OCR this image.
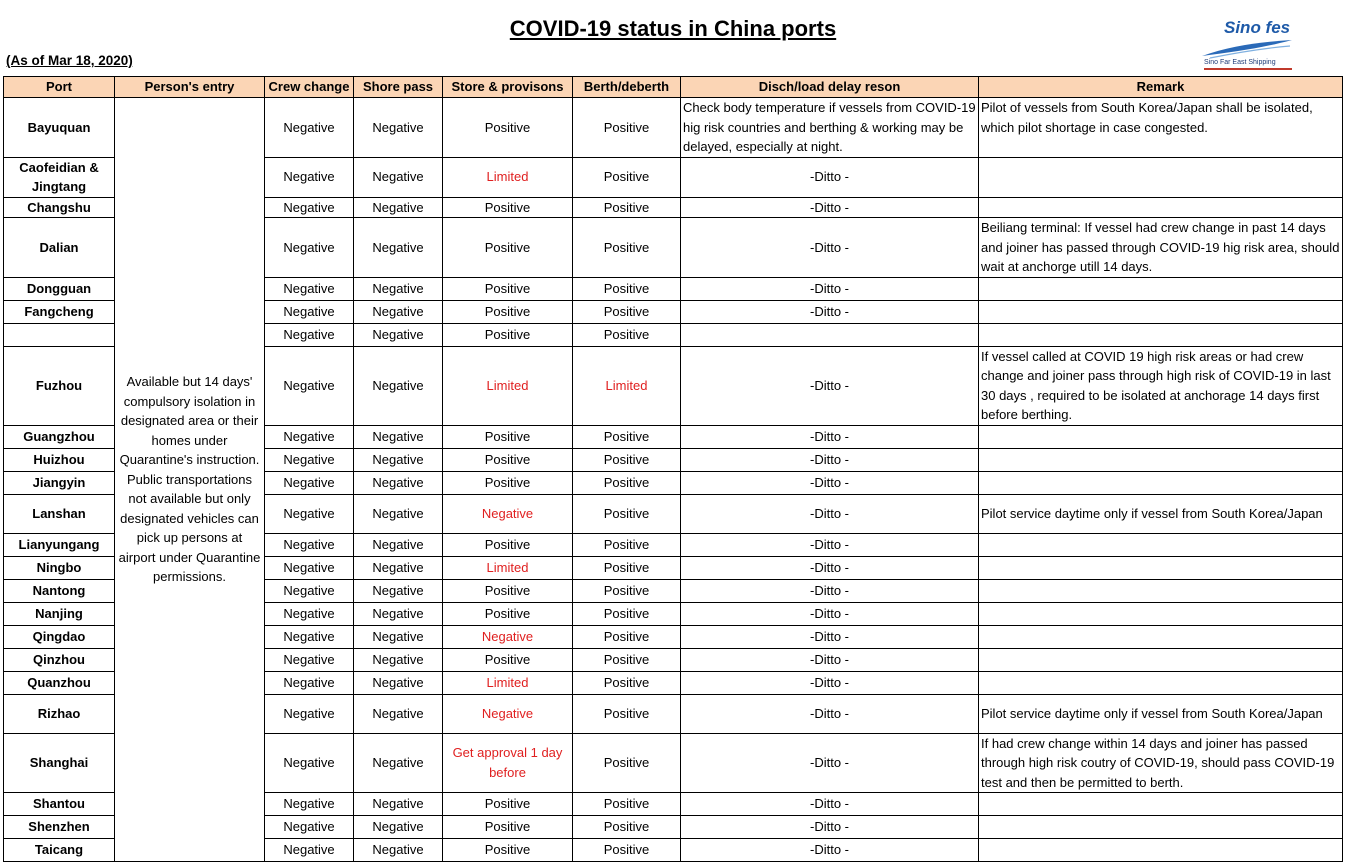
COVID-19 status in China ports
(As of Mar 18, 2020)
Sino fes
Sino Far East Shipping
Port	Person's entry	Crew change	Shore pass	Store & provisons	Berth/deberth	Disch/load delay reson	Remark
Bayuquan	Available but 14 days' compulsory isolation in designated area or their homes under Quarantine's instruction. Public transportations not available but only designated vehicles can pick up persons at airport under Quarantine permissions.	Negative	Negative	Positive	Positive	Check body temperature if vessels from COVID-19 hig risk countries and berthing & working may be delayed, especially at night.	Pilot of vessels from South Korea/Japan shall be isolated, which pilot shortage in case congested.
Caofeidian & Jingtang		Negative	Negative	Limited	Positive	-Ditto -	
Changshu		Negative	Negative	Positive	Positive	-Ditto -	
Dalian		Negative	Negative	Positive	Positive	-Ditto -	Beiliang terminal: If vessel had crew change in past 14 days and joiner has passed through COVID-19 hig risk area, should wait at anchorge utill 14 days.
Dongguan		Negative	Negative	Positive	Positive	-Ditto -	
Fangcheng		Negative	Negative	Positive	Positive	-Ditto -	
		Negative	Negative	Positive	Positive		
Fuzhou		Negative	Negative	Limited	Limited	-Ditto -	If vessel called at COVID 19 high risk areas or had crew change and joiner pass through high risk of COVID-19 in last 30 days , required to be isolated at anchorage 14 days first before berthing.
Guangzhou		Negative	Negative	Positive	Positive	-Ditto -	
Huizhou		Negative	Negative	Positive	Positive	-Ditto -	
Jiangyin		Negative	Negative	Positive	Positive	-Ditto -	
Lanshan		Negative	Negative	Negative	Positive	-Ditto -	Pilot service daytime only if vessel from South Korea/Japan
Lianyungang		Negative	Negative	Positive	Positive	-Ditto -	
Ningbo		Negative	Negative	Limited	Positive	-Ditto -	
Nantong		Negative	Negative	Positive	Positive	-Ditto -	
Nanjing		Negative	Negative	Positive	Positive	-Ditto -	
Qingdao		Negative	Negative	Negative	Positive	-Ditto -	
Qinzhou		Negative	Negative	Positive	Positive	-Ditto -	
Quanzhou		Negative	Negative	Limited	Positive	-Ditto -	
Rizhao		Negative	Negative	Negative	Positive	-Ditto -	Pilot service daytime only if vessel from South Korea/Japan
Shanghai		Negative	Negative	Get approval 1 day before	Positive	-Ditto -	If had crew change within 14 days and joiner has passed through high risk coutry of COVID-19, should pass COVID-19 test and then be permitted to berth.
Shantou		Negative	Negative	Positive	Positive	-Ditto -	
Shenzhen		Negative	Negative	Positive	Positive	-Ditto -	
Taicang		Negative	Negative	Positive	Positive	-Ditto -	
